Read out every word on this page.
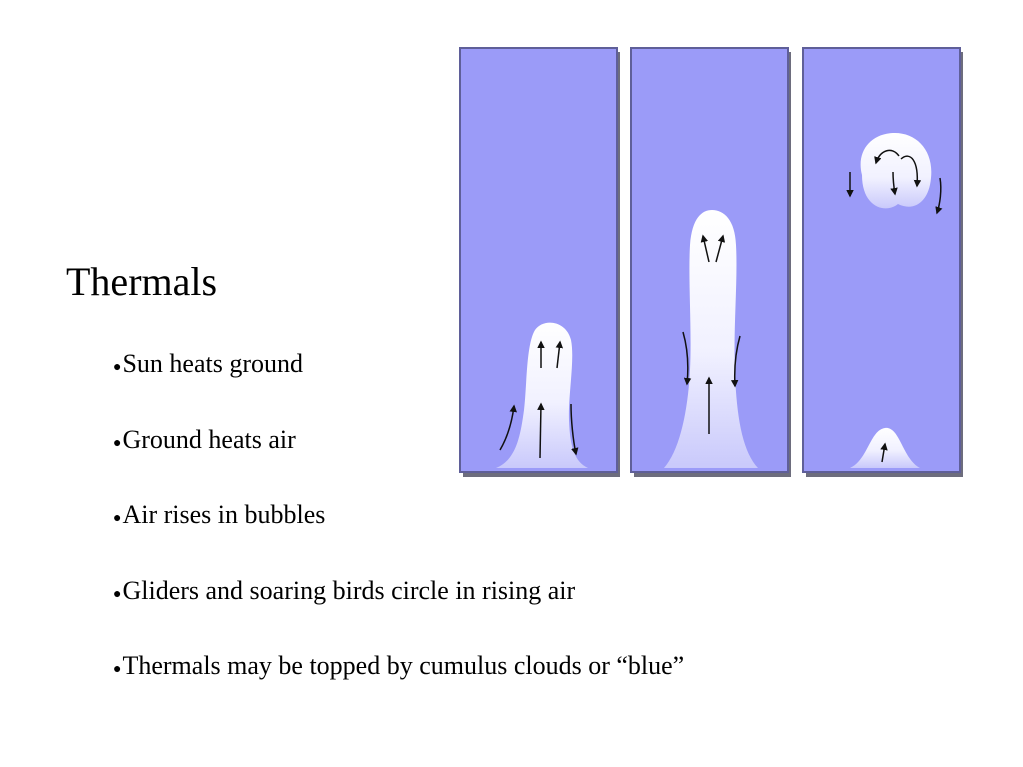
Thermals
●Sun heats ground
●Ground heats air
●Air rises in bubbles
●Gliders and soaring birds circle in rising air
●Thermals may be topped by cumulus clouds or “blue”
